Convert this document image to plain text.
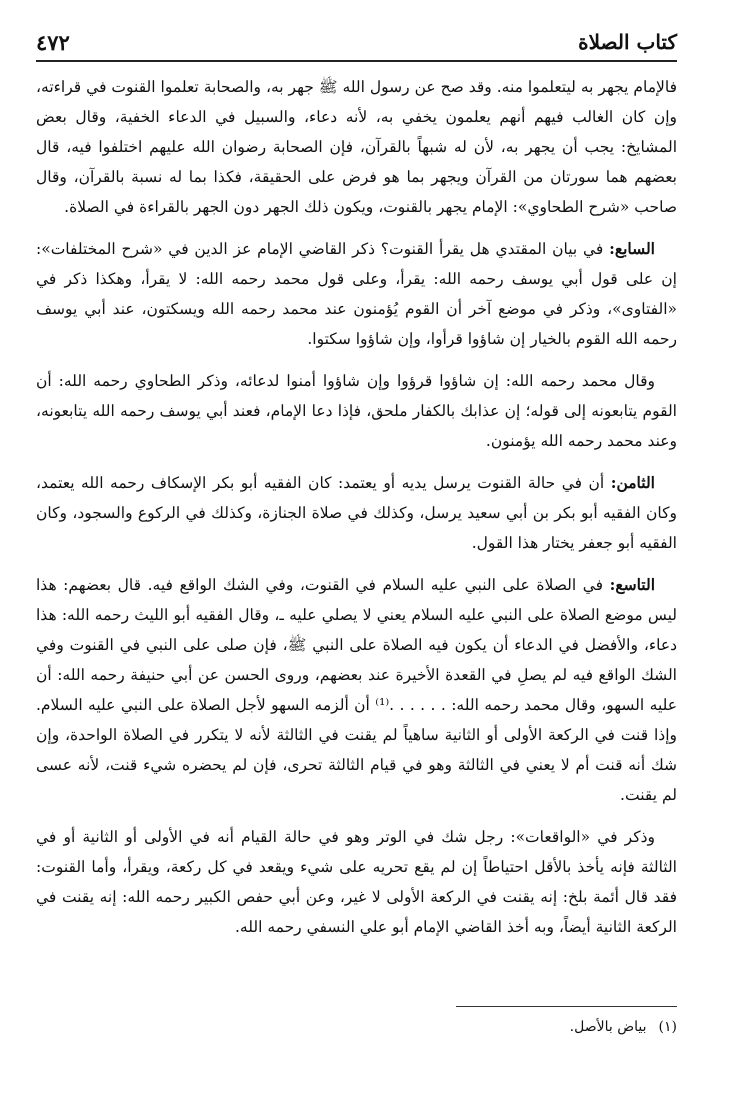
كتاب الصلاة
٤٧٢

فالإمام يجهر به ليتعلموا منه. وقد صح عن رسول الله ﷺ جهر به، والصحابة تعلموا القنوت في قراءته، وإن كان الغالب فيهم أنهم يعلمون يخفي به، لأنه دعاء، والسبيل في الدعاء الخفية، وقال بعض المشايخ: يجب أن يجهر به، لأن له شبهاً بالقرآن، فإن الصحابة رضوان الله عليهم اختلفوا فيه، قال بعضهم هما سورتان من القرآن ويجهر بما هو فرض على الحقيقة، فكذا بما له نسبة بالقرآن، وقال صاحب «شرح الطحاوي»: الإمام يجهر بالقنوت، ويكون ذلك الجهر دون الجهر بالقراءة في الصلاة.

السابع: في بيان المقتدي هل يقرأ القنوت؟ ذكر القاضي الإمام عز الدين في «شرح المختلفات»: إن على قول أبي يوسف رحمه الله: يقرأ، وعلى قول محمد رحمه الله: لا يقرأ، وهكذا ذكر في «الفتاوى»، وذكر في موضع آخر أن القوم يُؤمنون عند محمد رحمه الله ويسكتون، عند أبي يوسف رحمه الله القوم بالخيار إن شاؤوا قرأوا، وإن شاؤوا سكتوا.

وقال محمد رحمه الله: إن شاؤوا قرؤوا وإن شاؤوا أمنوا لدعائه، وذكر الطحاوي رحمه الله: أن القوم يتابعونه إلى قوله؛ إن عذابك بالكفار ملحق، فإذا دعا الإمام، فعند أبي يوسف رحمه الله يتابعونه، وعند محمد رحمه الله يؤمنون.

الثامن: أن في حالة القنوت يرسل يديه أو يعتمد: كان الفقيه أبو بكر الإسكاف رحمه الله يعتمد، وكان الفقيه أبو بكر بن أبي سعيد يرسل، وكذلك في صلاة الجنازة، وكذلك في الركوع والسجود، وكان الفقيه أبو جعفر يختار هذا القول.

التاسع: في الصلاة على النبي عليه السلام في القنوت، وفي الشك الواقع فيه. قال بعضهم: هذا ليس موضع الصلاة على النبي عليه السلام يعني لا يصلي عليه ـ، وقال الفقيه أبو الليث رحمه الله: هذا دعاء، والأفضل في الدعاء أن يكون فيه الصلاة على النبي ﷺ، فإن صلى على النبي في القنوت وفي الشك الواقع فيه لم يصلِ في القعدة الأخيرة عند بعضهم، وروى الحسن عن أبي حنيفة رحمه الله: أن عليه السهو، وقال محمد رحمه الله: . . . . . .⁽¹⁾ أن ألزمه السهو لأجل الصلاة على النبي عليه السلام. وإذا قنت في الركعة الأولى أو الثانية ساهياً لم يقنت في الثالثة لأنه لا يتكرر في الصلاة الواحدة، وإن شك أنه قنت أم لا يعني في الثالثة وهو في قيام الثالثة تحرى، فإن لم يحضره شيء قنت، لأنه عسى لم يقنت.

وذكر في «الواقعات»: رجل شك في الوتر وهو في حالة القيام أنه في الأولى أو الثانية أو في الثالثة فإنه يأخذ بالأقل احتياطاً إن لم يقع تحريه على شيء ويقعد في كل ركعة، ويقرأ، وأما القنوت: فقد قال أئمة بلخ: إنه يقنت في الركعة الأولى لا غير، وعن أبي حفص الكبير رحمه الله: إنه يقنت في الركعة الثانية أيضاً، وبه أخذ القاضي الإمام أبو علي النسفي رحمه الله.

(١)بياض بالأصل.
